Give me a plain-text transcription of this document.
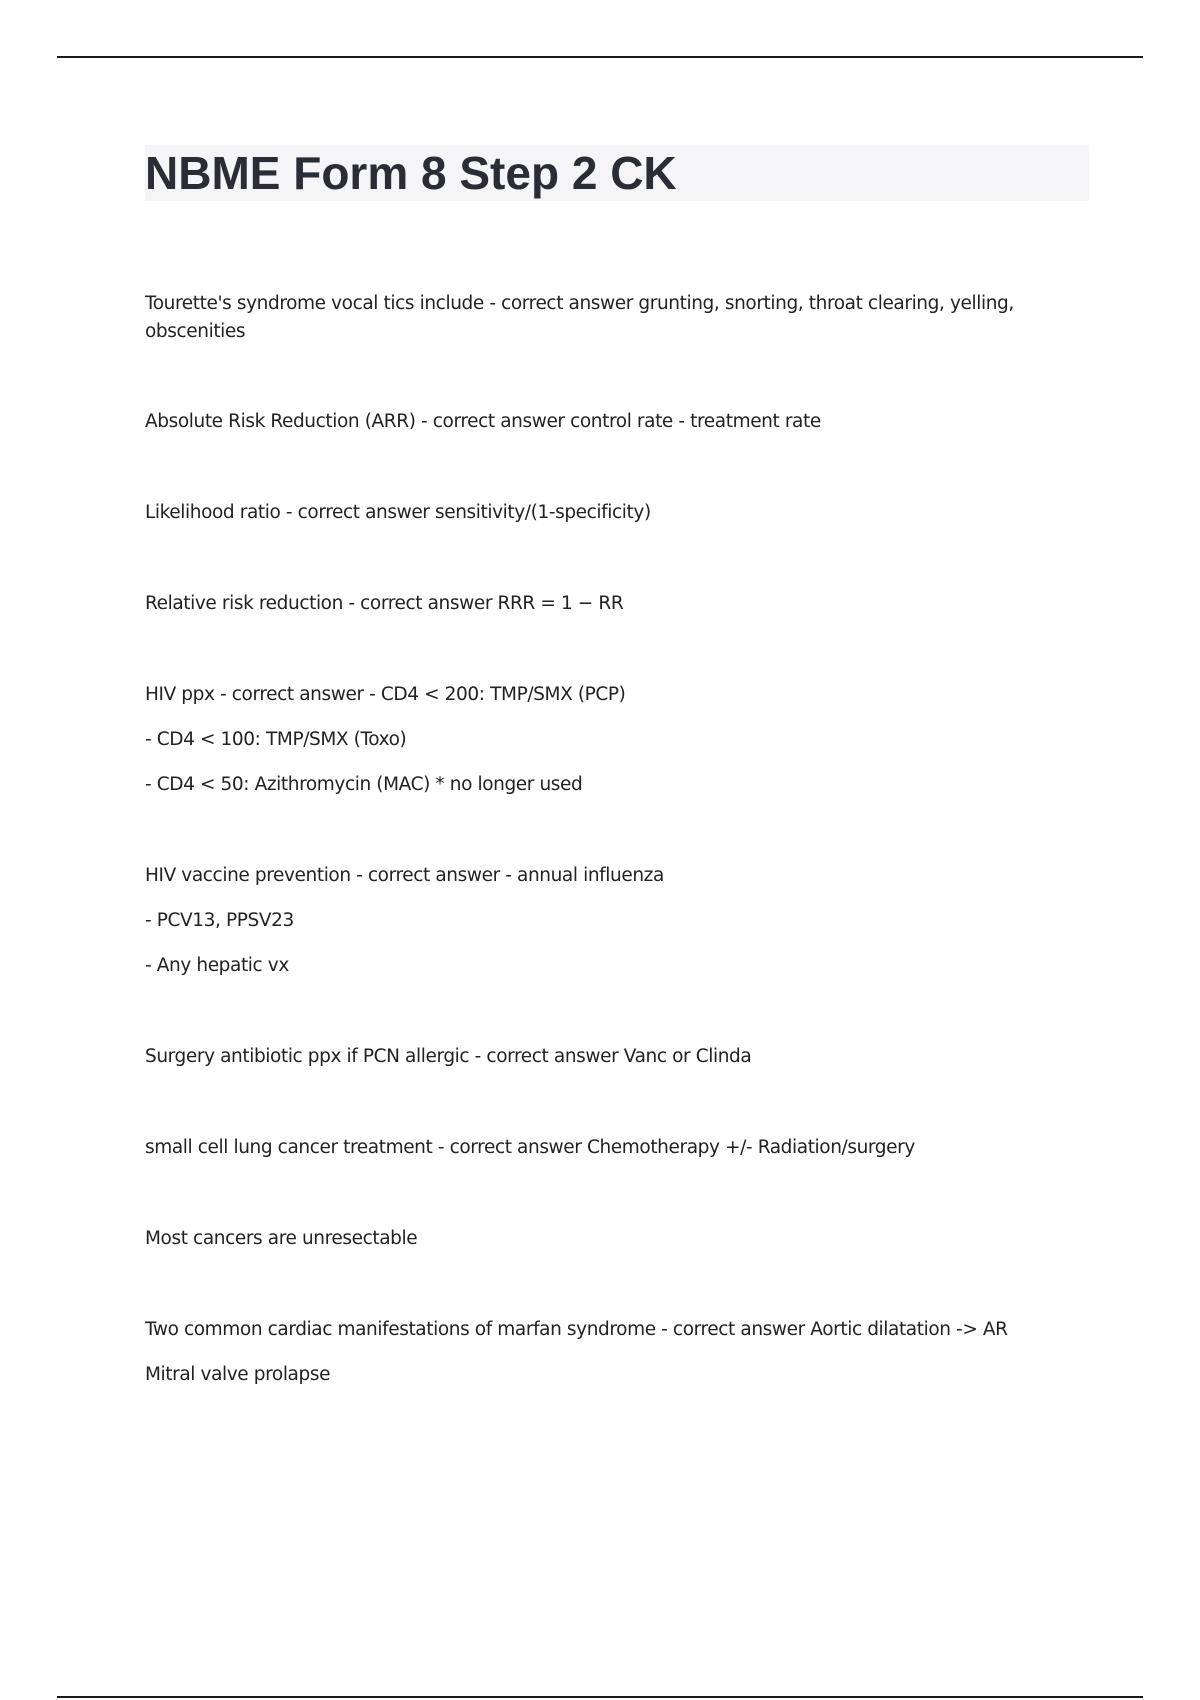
NBME Form 8 Step 2 CK

Tourette's syndrome vocal tics include - correct answer grunting, snorting, throat clearing, yelling,

obscenities

Absolute Risk Reduction (ARR) - correct answer control rate - treatment rate

Likelihood ratio - correct answer sensitivity/(1-specificity)

Relative risk reduction - correct answer RRR = 1 − RR

HIV ppx - correct answer - CD4 < 200: TMP/SMX (PCP)

- CD4 < 100: TMP/SMX (Toxo)

- CD4 < 50: Azithromycin (MAC) * no longer used

HIV vaccine prevention - correct answer - annual influenza

- PCV13, PPSV23

- Any hepatic vx

Surgery antibiotic ppx if PCN allergic - correct answer Vanc or Clinda

small cell lung cancer treatment - correct answer Chemotherapy +/- Radiation/surgery

Most cancers are unresectable

Two common cardiac manifestations of marfan syndrome - correct answer Aortic dilatation -> AR

Mitral valve prolapse
